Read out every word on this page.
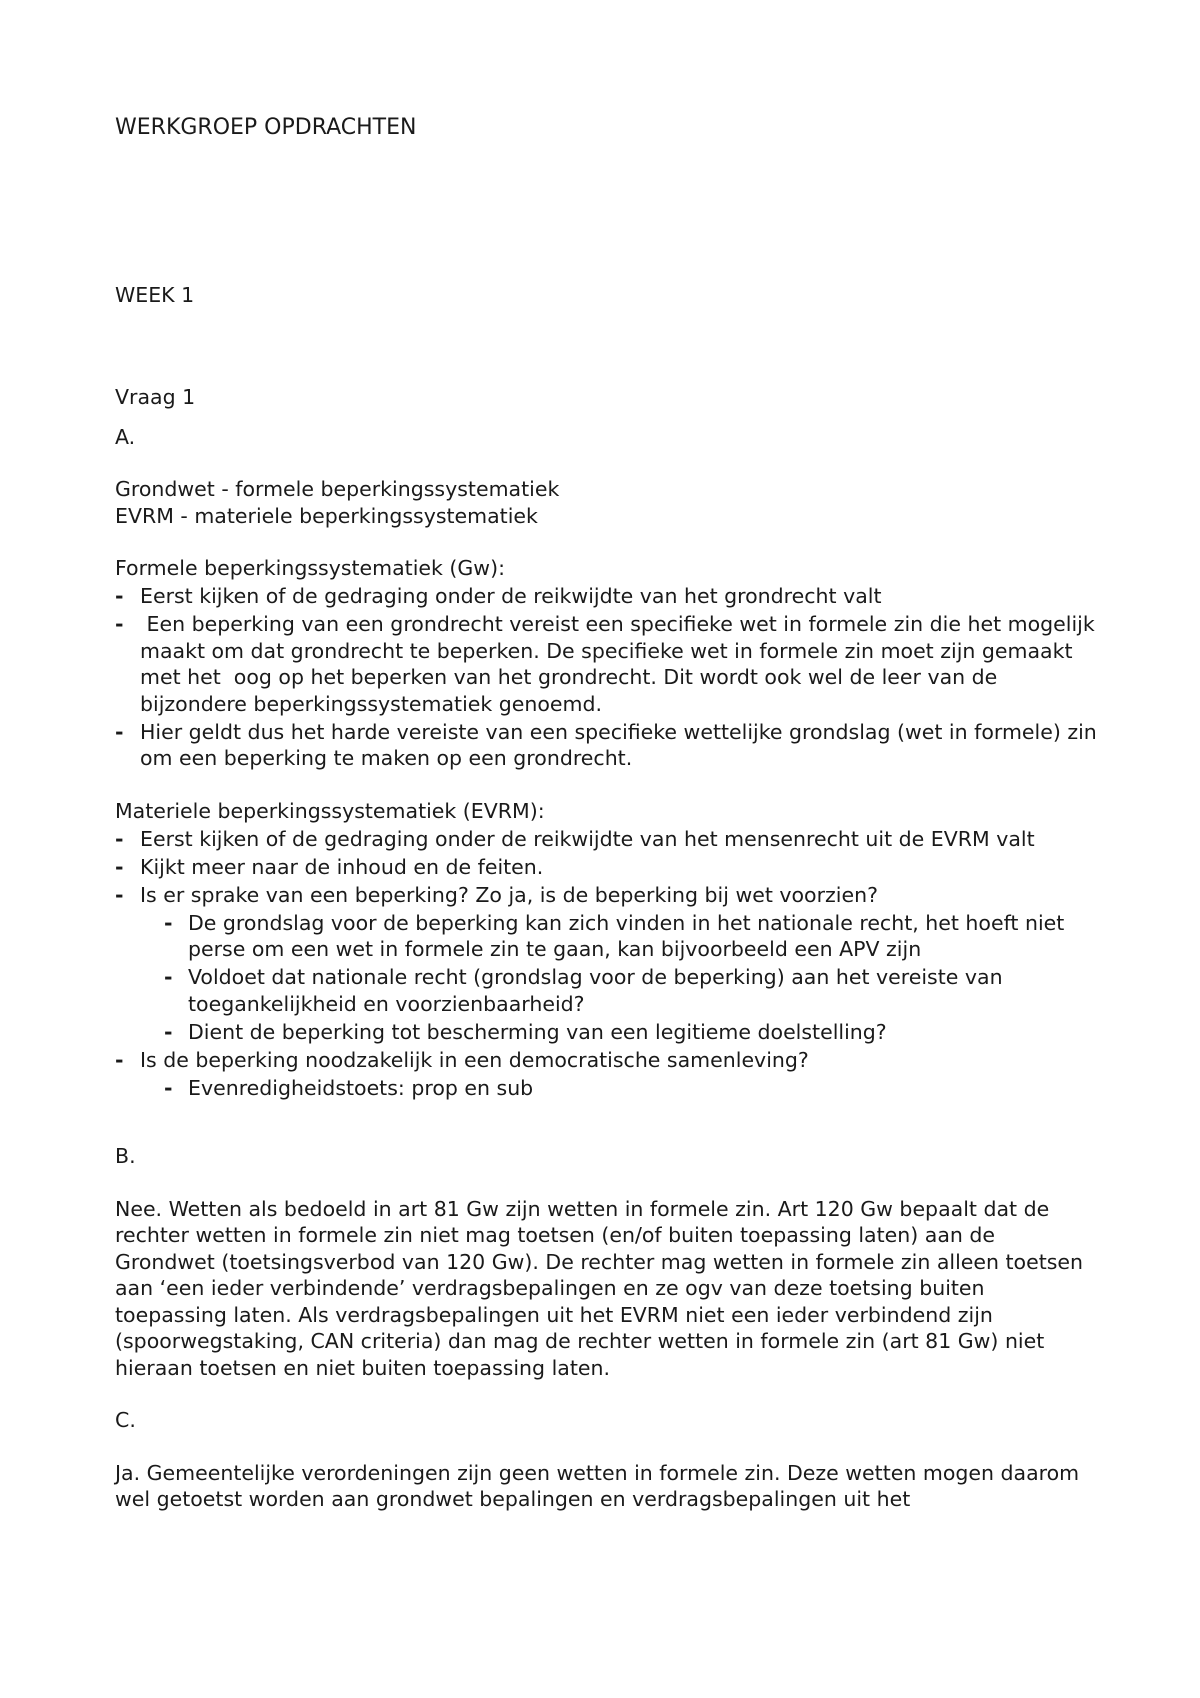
WERKGROEP OPDRACHTEN
WEEK 1

Vraag 1

A.

Grondwet - formele beperkingssystematiek

EVRM - materiele beperkingssystematiek

Formele beperkingssystematiek (Gw):

- Eerst kijken of de gedraging onder de reikwijdte van het grondrecht valt
- Een beperking van een grondrecht vereist een specifieke wet in formele zin die het mogelijk maakt om dat grondrecht te beperken. De specifieke wet in formele zin moet zijn gemaakt met het  oog op het beperken van het grondrecht. Dit wordt ook wel de leer van de bijzondere beperkingssystematiek genoemd.
- Hier geldt dus het harde vereiste van een specifieke wettelijke grondslag (wet in formele) zin om een beperking te maken op een grondrecht.

Materiele beperkingssystematiek (EVRM):

- Eerst kijken of de gedraging onder de reikwijdte van het mensenrecht uit de EVRM valt
- Kijkt meer naar de inhoud en de feiten.
- Is er sprake van een beperking? Zo ja, is de beperking bij wet voorzien?
- De grondslag voor de beperking kan zich vinden in het nationale recht, het hoeft niet perse om een wet in formele zin te gaan, kan bijvoorbeeld een APV zijn
- Voldoet dat nationale recht (grondslag voor de beperking) aan het vereiste van toegankelijkheid en voorzienbaarheid?
- Dient de beperking tot bescherming van een legitieme doelstelling?
- Is de beperking noodzakelijk in een democratische samenleving?
- Evenredigheidstoets: prop en sub

B.

Nee. Wetten als bedoeld in art 81 Gw zijn wetten in formele zin. Art 120 Gw bepaalt dat de rechter wetten in formele zin niet mag toetsen (en/of buiten toepassing laten) aan de Grondwet (toetsingsverbod van 120 Gw). De rechter mag wetten in formele zin alleen toetsen aan ‘een ieder verbindende’ verdragsbepalingen en ze ogv van deze toetsing buiten toepassing laten. Als verdragsbepalingen uit het EVRM niet een ieder verbindend zijn (spoorwegstaking, CAN criteria) dan mag de rechter wetten in formele zin (art 81 Gw) niet hieraan toetsen en niet buiten toepassing laten.

C.

Ja. Gemeentelijke verordeningen zijn geen wetten in formele zin. Deze wetten mogen daarom wel getoetst worden aan grondwet bepalingen en verdragsbepalingen uit het
